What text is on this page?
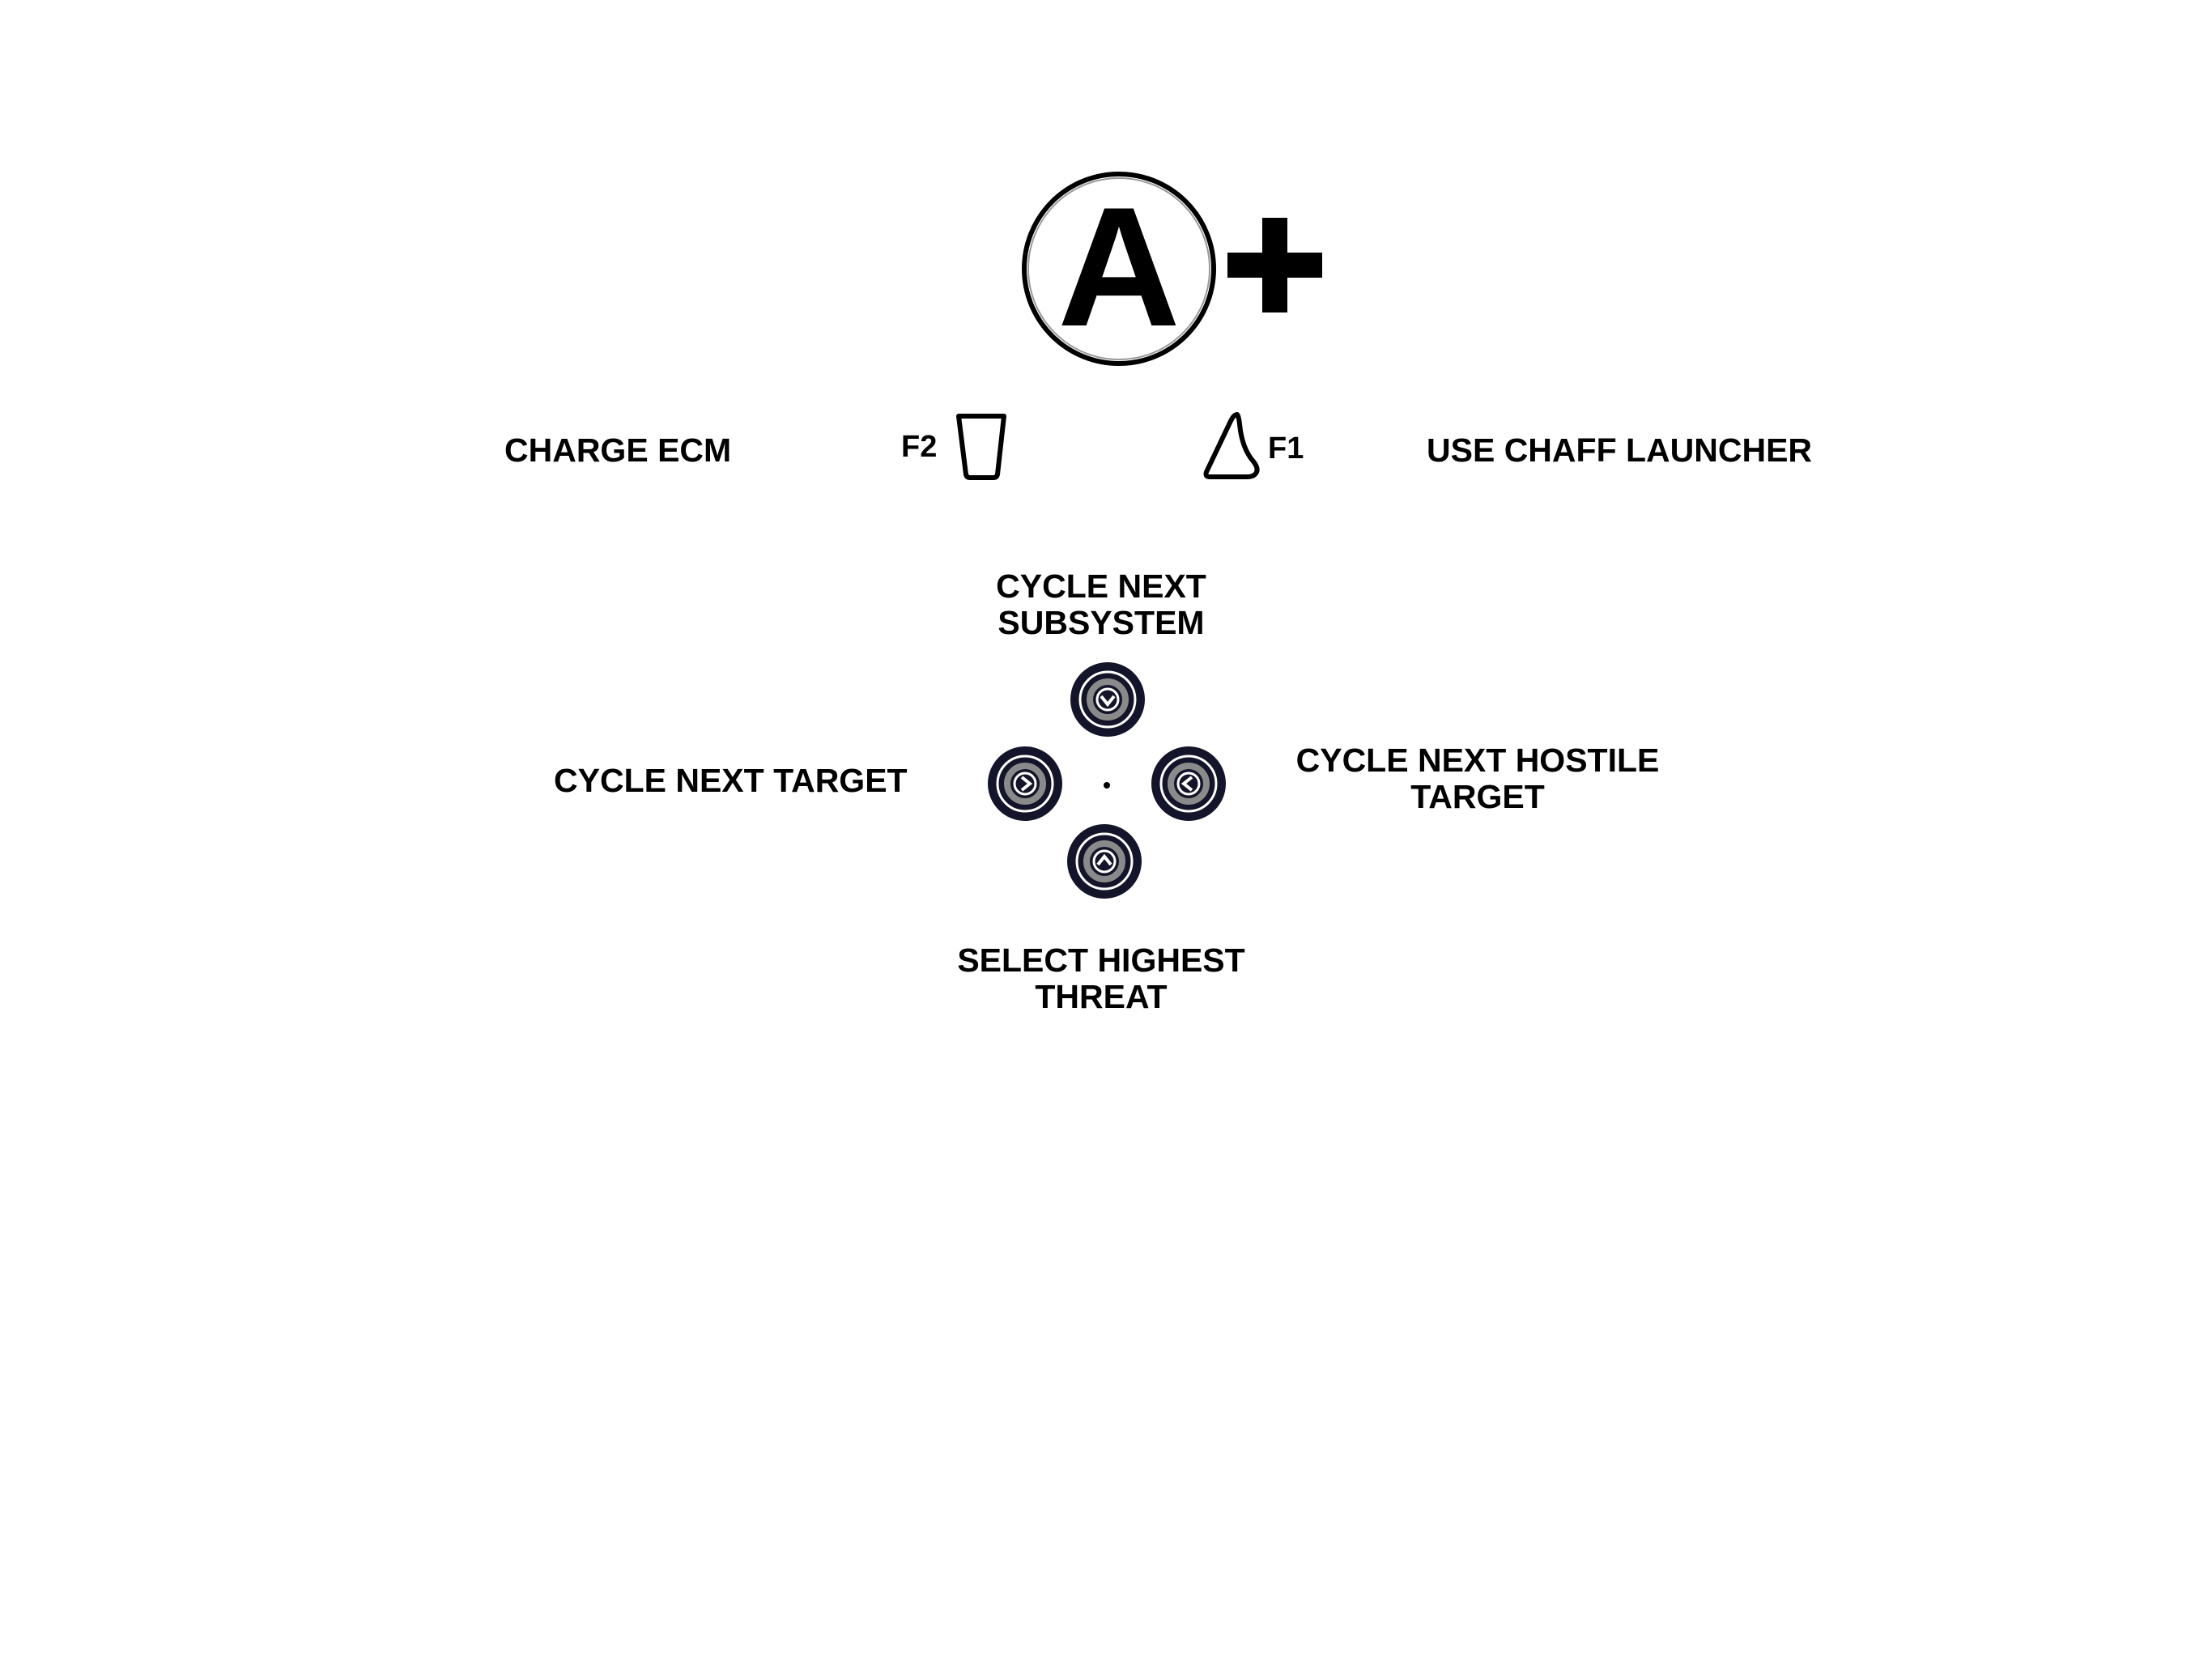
A
CHARGE ECM	F2	F1	USE CHAFF LAUNCHER
CYCLE NEXT
SUBSYSTEM
CYCLE NEXT TARGET
CYCLE NEXT HOSTILE
TARGET
SELECT HIGHEST
THREAT
